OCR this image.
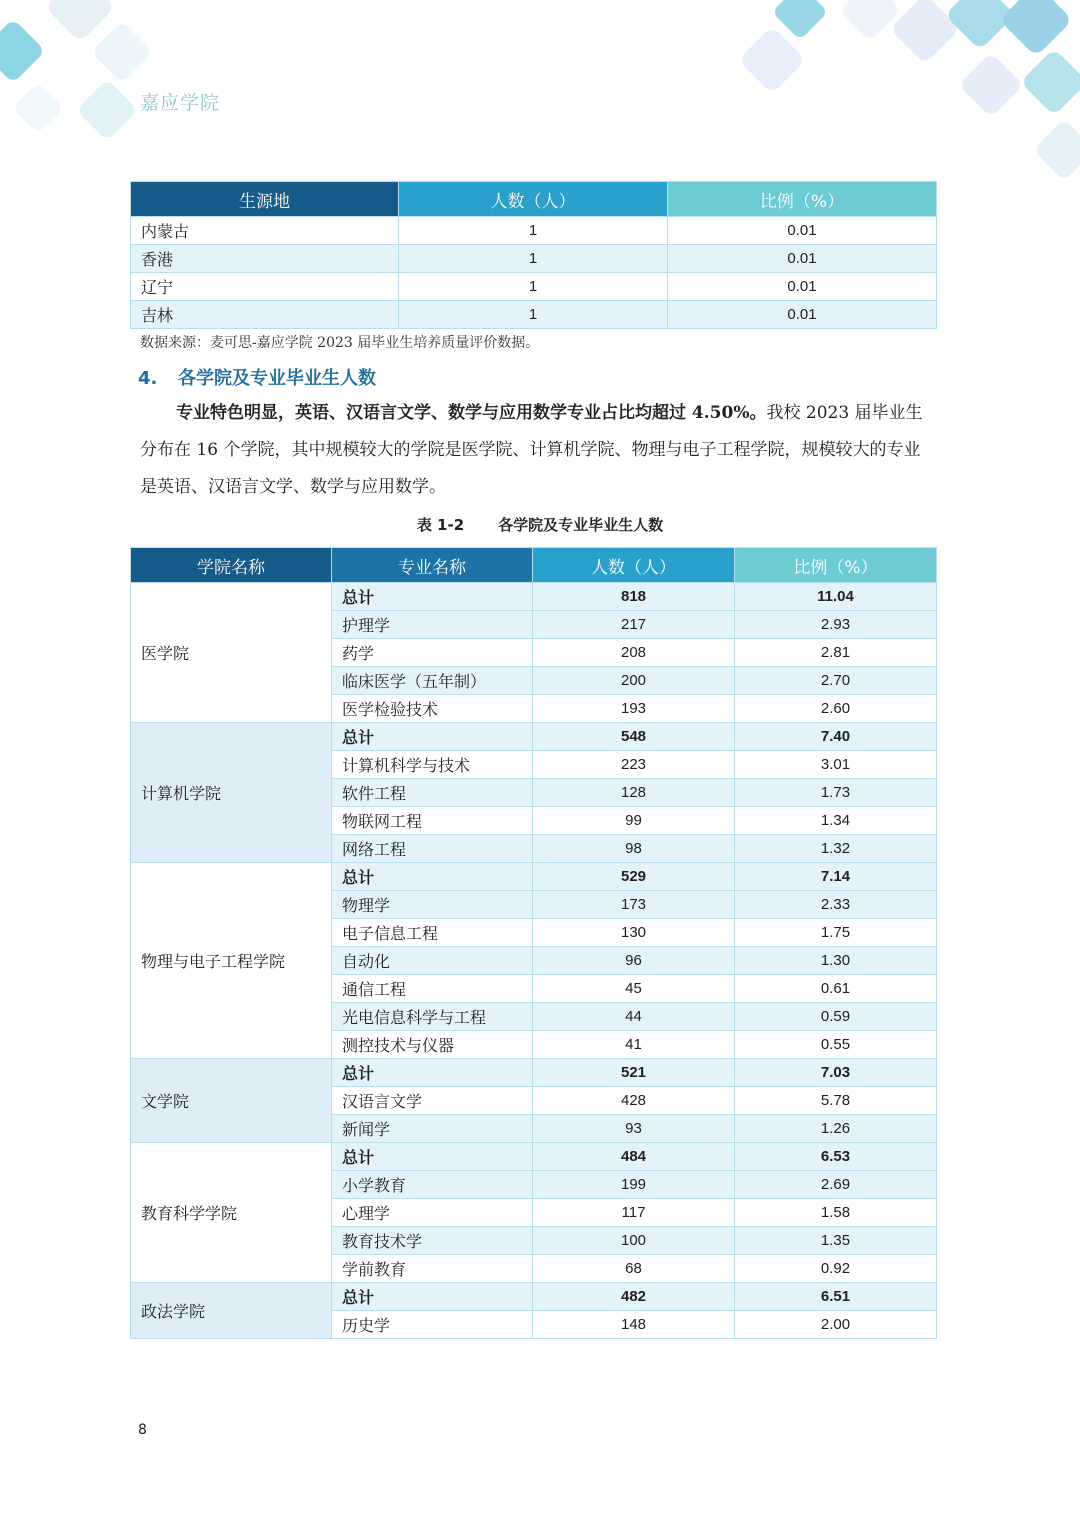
嘉应学院
生源地	人数（人）	比例（%）
内蒙古	1	0.01
香港	1	0.01
辽宁	1	0.01
吉林	1	0.01
数据来源：麦可思-嘉应学院 2023 届毕业生培养质量评价数据。
4. 各学院及专业毕业生人数
专业特色明显，英语、汉语言文学、数学与应用数学专业占比均超过 4.50%。我校 2023 届毕业生分布在 16 个学院，其中规模较大的学院是医学院、计算机学院、物理与电子工程学院，规模较大的专业是英语、汉语言文学、数学与应用数学。
表 1-2 各学院及专业毕业生人数
学院名称	专业名称	人数（人）	比例（%）
医学院	总计	818	11.04
	护理学	217	2.93
	药学	208	2.81
	临床医学（五年制）	200	2.70
	医学检验技术	193	2.60
计算机学院	总计	548	7.40
	计算机科学与技术	223	3.01
	软件工程	128	1.73
	物联网工程	99	1.34
	网络工程	98	1.32
物理与电子工程学院	总计	529	7.14
	物理学	173	2.33
	电子信息工程	130	1.75
	自动化	96	1.30
	通信工程	45	0.61
	光电信息科学与工程	44	0.59
	测控技术与仪器	41	0.55
文学院	总计	521	7.03
	汉语言文学	428	5.78
	新闻学	93	1.26
教育科学学院	总计	484	6.53
	小学教育	199	2.69
	心理学	117	1.58
	教育技术学	100	1.35
	学前教育	68	0.92
政法学院	总计	482	6.51
	历史学	148	2.00
8
